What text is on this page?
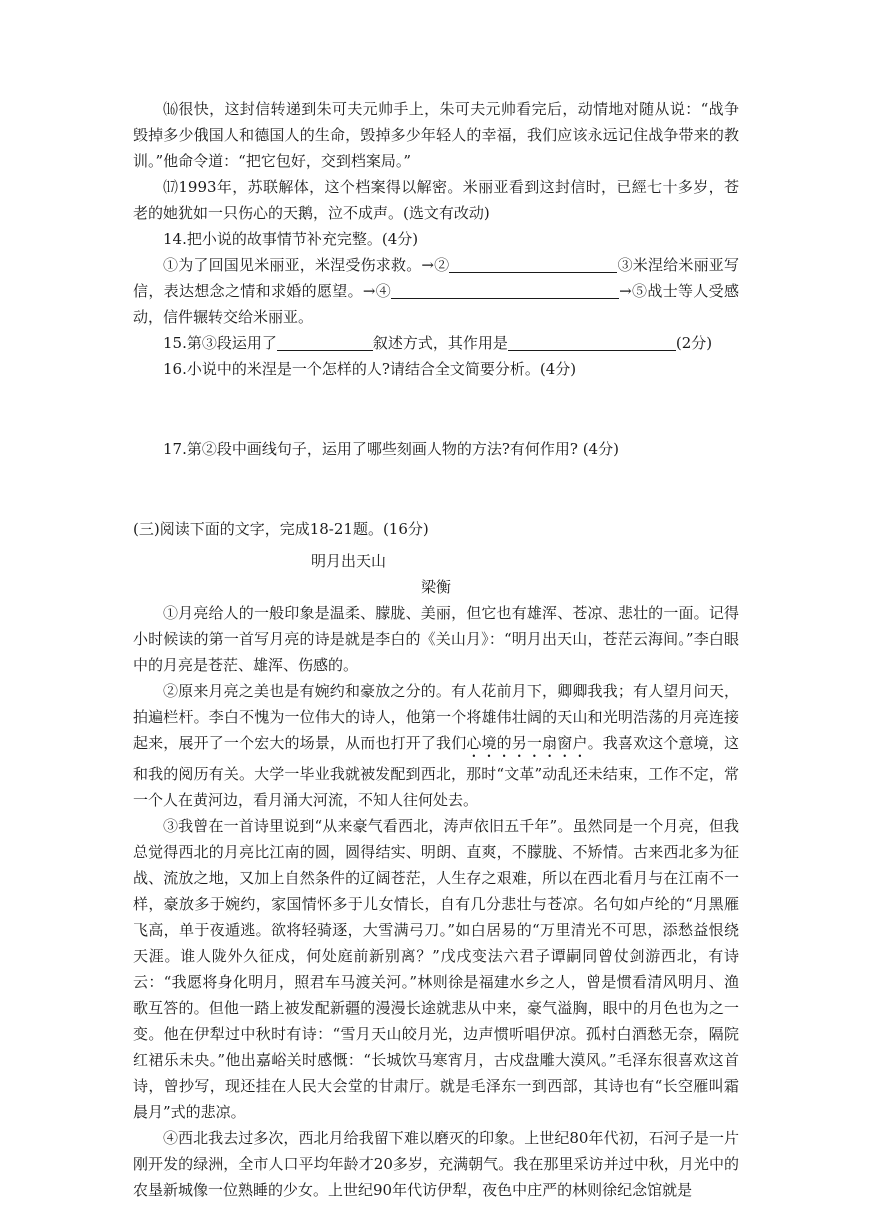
⒃很快，这封信转递到朱可夫元帅手上，朱可夫元帅看完后，动情地对随从说：“战争毁掉多少俄国人和德国人的生命，毁掉多少年轻人的幸福，我们应该永远记住战争带来的教训。”他命令道：“把它包好，交到档案局。”

⒄1993年，苏联解体，这个档案得以解密。米丽亚看到这封信时，已經七十多岁，苍老的她犹如一只伤心的天鹅，泣不成声。(选文有改动)

14.把小说的故事情节补充完整。(4分)

①为了回国见米丽亚，米涅受伤求救。→②	③米涅给米丽亚写信，表达想念之情和求婚的愿望。→④	→⑤战士等人受感动，信件辗转交给米丽亚。

15.第③段运用了	叙述方式，其作用是	(2分)

16.小说中的米涅是一个怎样的人?请结合全文简要分析。(4分)

17.第②段中画线句子，运用了哪些刻画人物的方法?有何作用? (4分)

(三)阅读下面的文字，完成18-21题。(16分)

明月出天山

梁衡

①月亮给人的一般印象是温柔、朦胧、美丽，但它也有雄浑、苍凉、悲壮的一面。记得小时候读的第一首写月亮的诗是就是李白的《关山月》：“明月出天山，苍茫云海间。”李白眼中的月亮是苍茫、雄浑、伤感的。

②原来月亮之美也是有婉约和豪放之分的。有人花前月下，卿卿我我；有人望月问天，拍遍栏杆。李白不愧为一位伟大的诗人，他第一个将雄伟壮阔的天山和光明浩荡的月亮连接起来，展开了一个宏大的场景，从而也打开了我们心境的另一扇窗户。我喜欢这个意境，这和我的阅历有关。大学一毕业我就被发配到西北，那时“文革”动乱还未结束，工作不定，常一个人在黄河边，看月涌大河流，不知人往何处去。

③我曾在一首诗里说到“从来豪气看西北，涛声依旧五千年”。虽然同是一个月亮，但我总觉得西北的月亮比江南的圆，圆得结实、明朗、直爽，不朦胧、不矫情。古来西北多为征战、流放之地，又加上自然条件的辽阔苍茫，人生存之艰难，所以在西北看月与在江南不一样，豪放多于婉约，家国情怀多于儿女情长，自有几分悲壮与苍凉。名句如卢纶的“月黑雁飞高，单于夜遁逃。欲将轻骑逐，大雪满弓刀。”如白居易的“万里清光不可思，添愁益恨绕天涯。谁人陇外久征戍，何处庭前新别离？”戊戌变法六君子谭嗣同曾仗剑游西北，有诗云：“我愿将身化明月，照君车马渡关河。”林则徐是福建水乡之人，曾是惯看清风明月、渔歌互答的。但他一踏上被发配新疆的漫漫长途就悲从中来，豪气溢胸，眼中的月色也为之一变。他在伊犁过中秋时有诗：“雪月天山皎月光，边声惯听唱伊凉。孤村白酒愁无奈，隔院红裙乐未央。”他出嘉峪关时感慨：“长城饮马寒宵月，古戍盘雕大漠风。”毛泽东很喜欢这首诗，曾抄写，现还挂在人民大会堂的甘肃厅。就是毛泽东一到西部，其诗也有“长空雁叫霜晨月”式的悲凉。

④西北我去过多次，西北月给我留下难以磨灭的印象。上世纪80年代初，石河子是一片刚开发的绿洲，全市人口平均年龄才20多岁，充满朝气。我在那里采访并过中秋，月光中的农垦新城像一位熟睡的少女。上世纪90年代访伊犁，夜色中庄严的林则徐纪念馆就是
